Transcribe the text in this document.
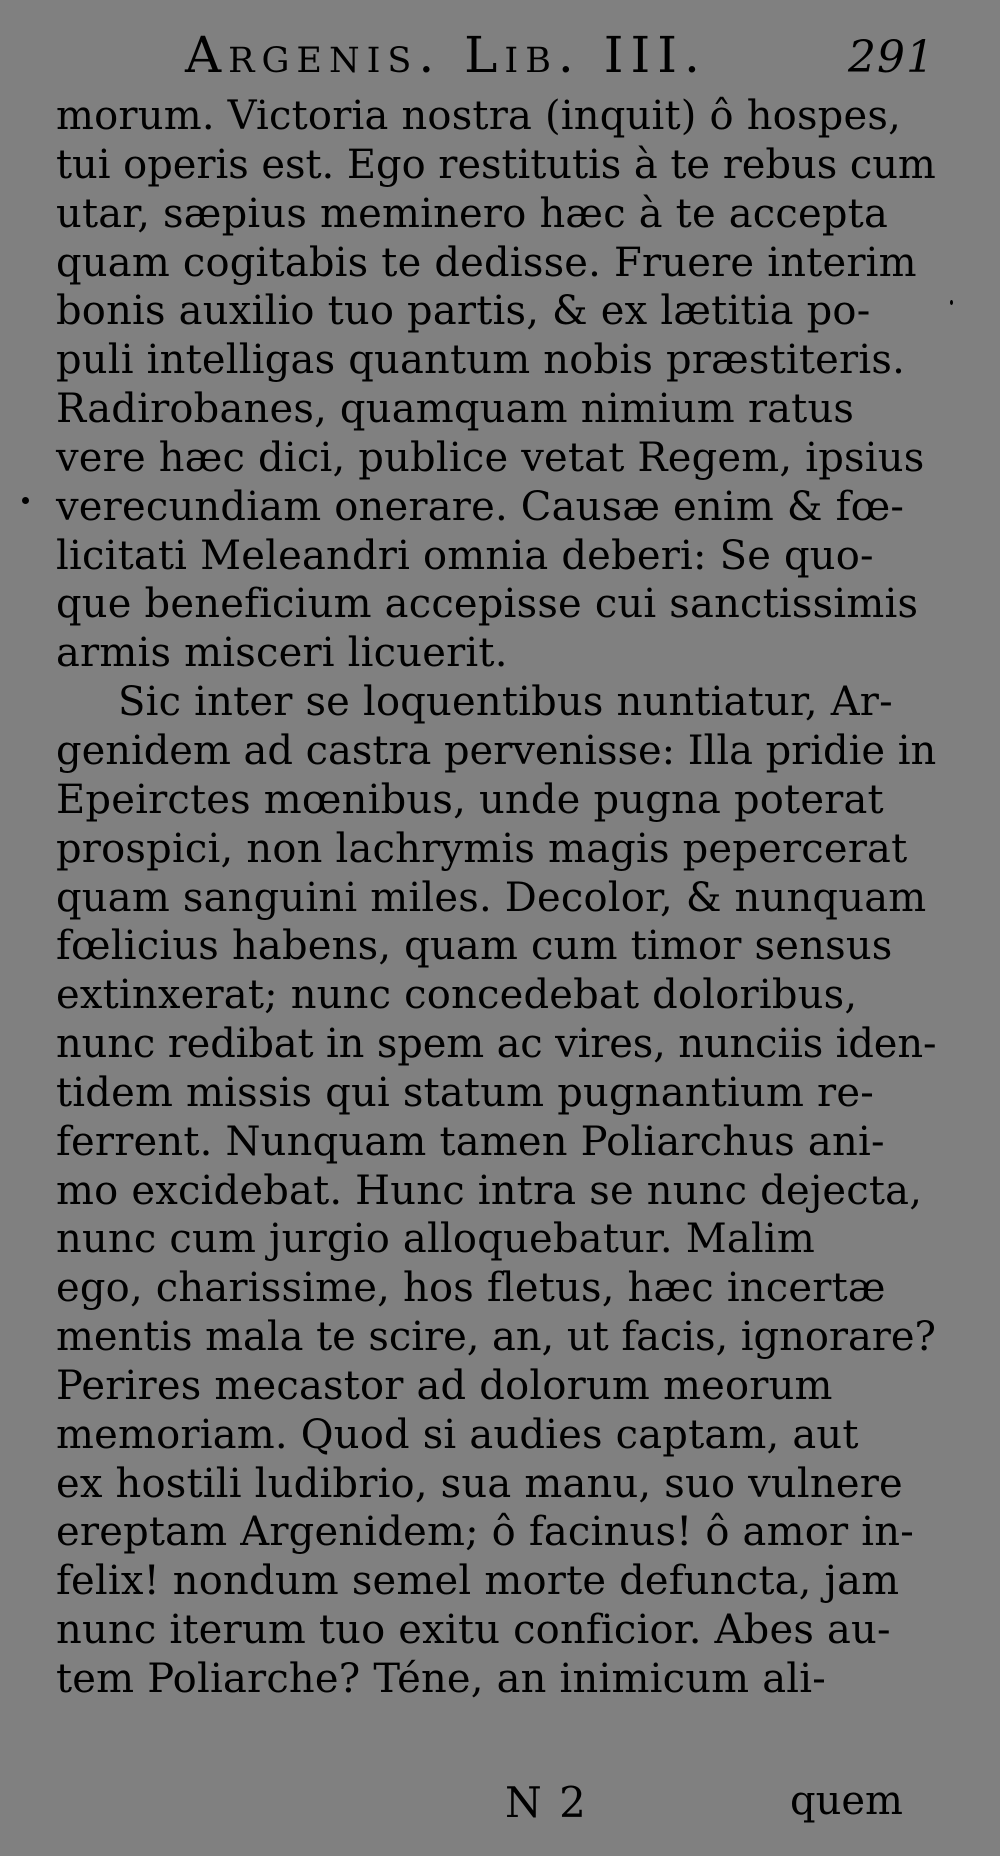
Argenis. Lib. III.	291
morum. Victoria nostra (inquit) ô hospes,
tui operis est. Ego restitutis à te rebus cum
utar, sæpius meminero hæc à te accepta
quam cogitabis te dedisse. Fruere interim
bonis auxilio tuo partis, & ex lætitia po-
puli intelligas quantum nobis præstiteris.
Radirobanes, quamquam nimium ratus
vere hæc dici, publice vetat Regem, ipsius
verecundiam onerare. Causæ enim & fœ-
licitati Meleandri omnia deberi: Se quo-
que beneficium accepisse cui sanctissimis
armis misceri licuerit.
Sic inter se loquentibus nuntiatur, Ar-
genidem ad castra pervenisse: Illa pridie in
Epeirctes mœnibus, unde pugna poterat
prospici, non lachrymis magis pepercerat
quam sanguini miles. Decolor, & nunquam
fœlicius habens, quam cum timor sensus
extinxerat; nunc concedebat doloribus,
nunc redibat in spem ac vires, nunciis iden-
tidem missis qui statum pugnantium re-
ferrent. Nunquam tamen Poliarchus ani-
mo excidebat. Hunc intra se nunc dejecta,
nunc cum jurgio alloquebatur. Malim
ego, charissime, hos fletus, hæc incertæ
mentis mala te scire, an, ut facis, ignorare?
Perires mecastor ad dolorum meorum
memoriam. Quod si audies captam, aut
ex hostili ludibrio, sua manu, suo vulnere
ereptam Argenidem; ô facinus! ô amor in-
felix! nondum semel morte defuncta, jam
nunc iterum tuo exitu conficior. Abes au-
tem Poliarche? Téne, an inimicum ali-
N 2	quem
